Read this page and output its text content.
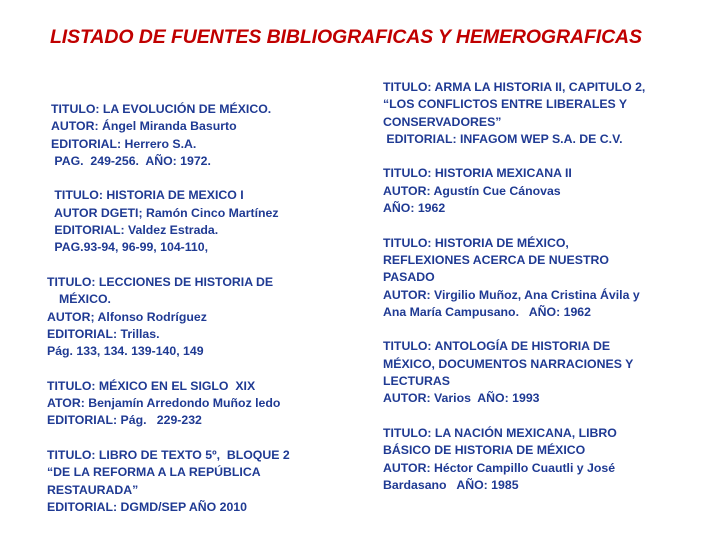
LISTADO DE FUENTES BIBLIOGRAFICAS Y HEMEROGRAFICAS
TITULO: LA EVOLUCIÓN DE MÉXICO.
AUTOR: Ángel Miranda Basurto
EDITORIAL: Herrero S.A.
PAG.  249-256.  AÑO: 1972.
TITULO: HISTORIA DE MEXICO I
AUTOR DGETI; Ramón Cinco Martínez
EDITORIAL: Valdez Estrada.
PAG.93-94, 96-99, 104-110,
TITULO: LECCIONES DE HISTORIA DE
MÉXICO.
AUTOR; Alfonso Rodríguez
EDITORIAL: Trillas.
Pág. 133, 134. 139-140, 149
TITULO: MÉXICO EN EL SIGLO  XIX
ATOR: Benjamín Arredondo Muñoz ledo
EDITORIAL: Pág.   229-232
TITULO: LIBRO DE TEXTO 5º,  BLOQUE 2
“DE LA REFORMA A LA REPÚBLICA
RESTAURADA”
EDITORIAL: DGMD/SEP AÑO 2010
TITULO: ARMA LA HISTORIA II, CAPITULO 2,
“LOS CONFLICTOS ENTRE LIBERALES Y
CONSERVADORES”
EDITORIAL: INFAGOM WEP S.A. DE C.V.
TITULO: HISTORIA MEXICANA II
AUTOR: Agustín Cue Cánovas
AÑO: 1962
TITULO: HISTORIA DE MÉXICO,
REFLEXIONES ACERCA DE NUESTRO
PASADO
AUTOR: Virgilio Muñoz, Ana Cristina Ávila y
Ana María Campusano.   AÑO: 1962
TITULO: ANTOLOGÍA DE HISTORIA DE
MÉXICO, DOCUMENTOS NARRACIONES Y
LECTURAS
AUTOR: Varios  AÑO: 1993
TITULO: LA NACIÓN MEXICANA, LIBRO
BÁSICO DE HISTORIA DE MÉXICO
AUTOR: Héctor Campillo Cuautli y José
Bardasano   AÑO: 1985
